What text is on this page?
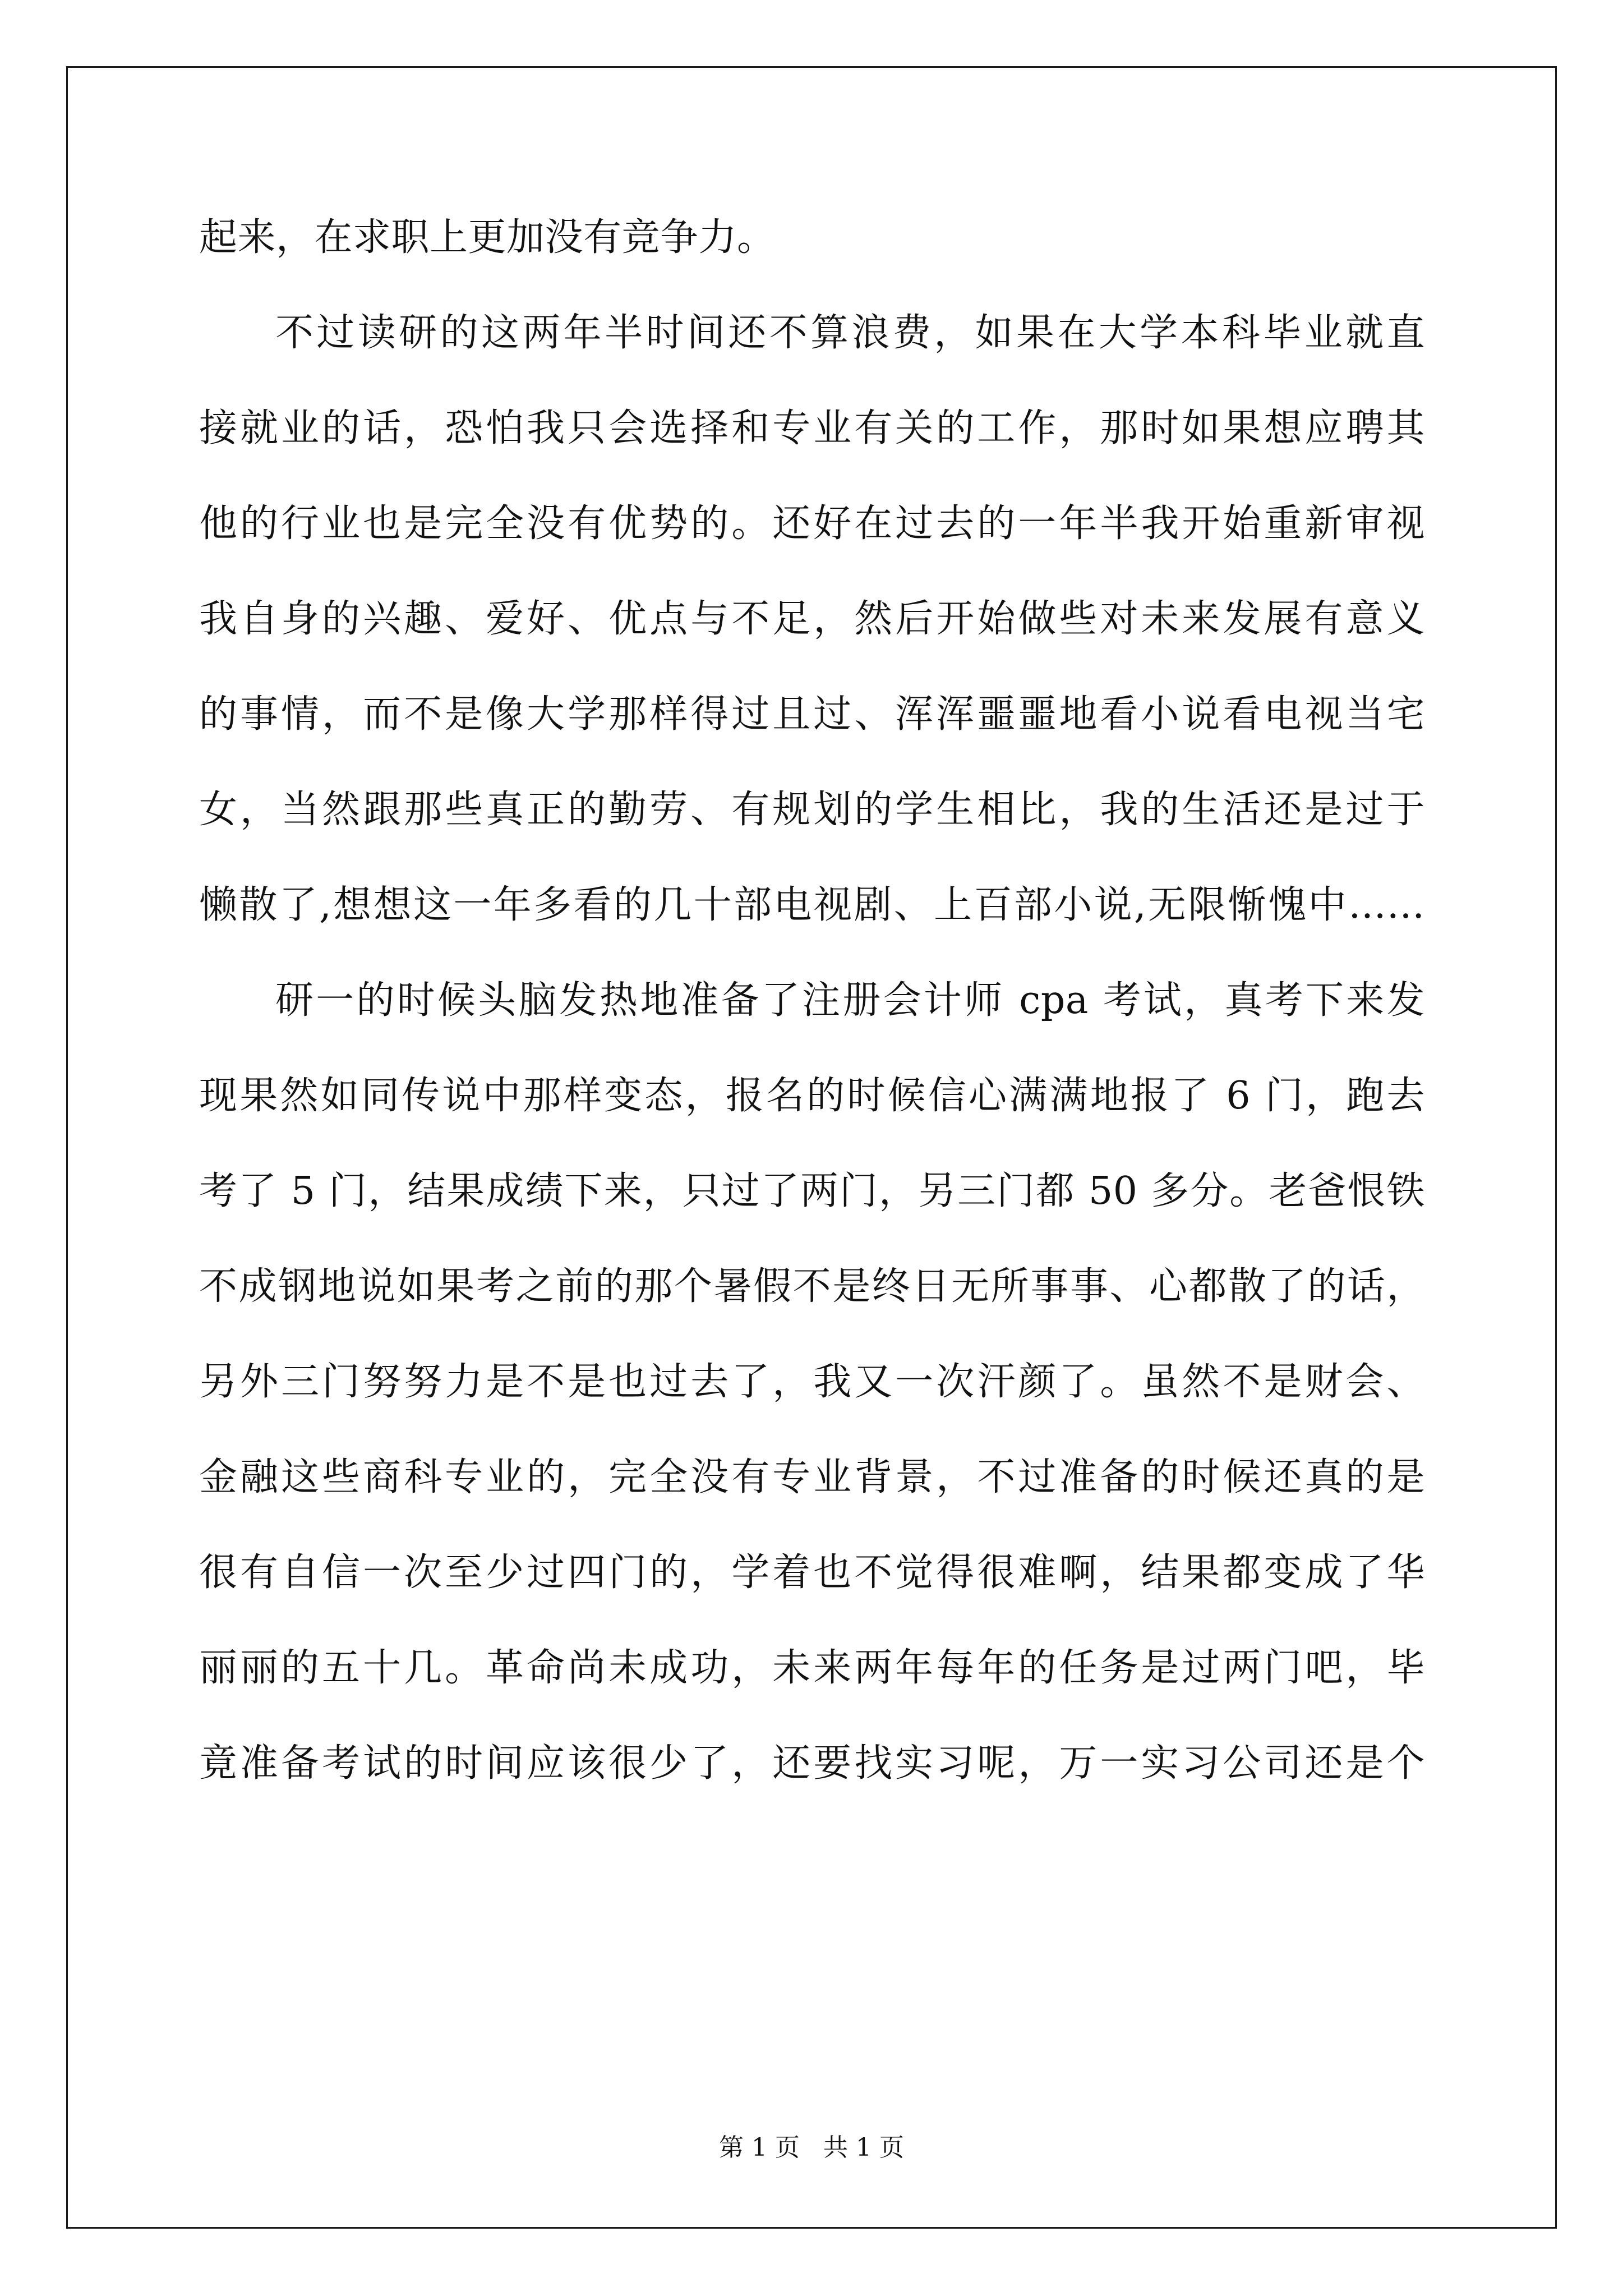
起来，在求职上更加没有竞争力。
不过读研的这两年半时间还不算浪费，如果在大学本科毕业就直
接就业的话，恐怕我只会选择和专业有关的工作，那时如果想应聘其
他的行业也是完全没有优势的。还好在过去的一年半我开始重新审视
我自身的兴趣、爱好、优点与不足，然后开始做些对未来发展有意义
的事情，而不是像大学那样得过且过、浑浑噩噩地看小说看电视当宅
女，当然跟那些真正的勤劳、有规划的学生相比，我的生活还是过于
懒散了,想想这一年多看的几十部电视剧、上百部小说,无限惭愧中……
研一的时候头脑发热地准备了注册会计师 cpa 考试，真考下来发
现果然如同传说中那样变态，报名的时候信心满满地报了 6 门，跑去
考了 5 门，结果成绩下来，只过了两门，另三门都 50 多分。老爸恨铁
不成钢地说如果考之前的那个暑假不是终日无所事事、心都散了的话，
另外三门努努力是不是也过去了，我又一次汗颜了。虽然不是财会、
金融这些商科专业的，完全没有专业背景，不过准备的时候还真的是
很有自信一次至少过四门的，学着也不觉得很难啊，结果都变成了华
丽丽的五十几。革命尚未成功，未来两年每年的任务是过两门吧，毕
竟准备考试的时间应该很少了，还要找实习呢，万一实习公司还是个
第 1 页   共 1 页
